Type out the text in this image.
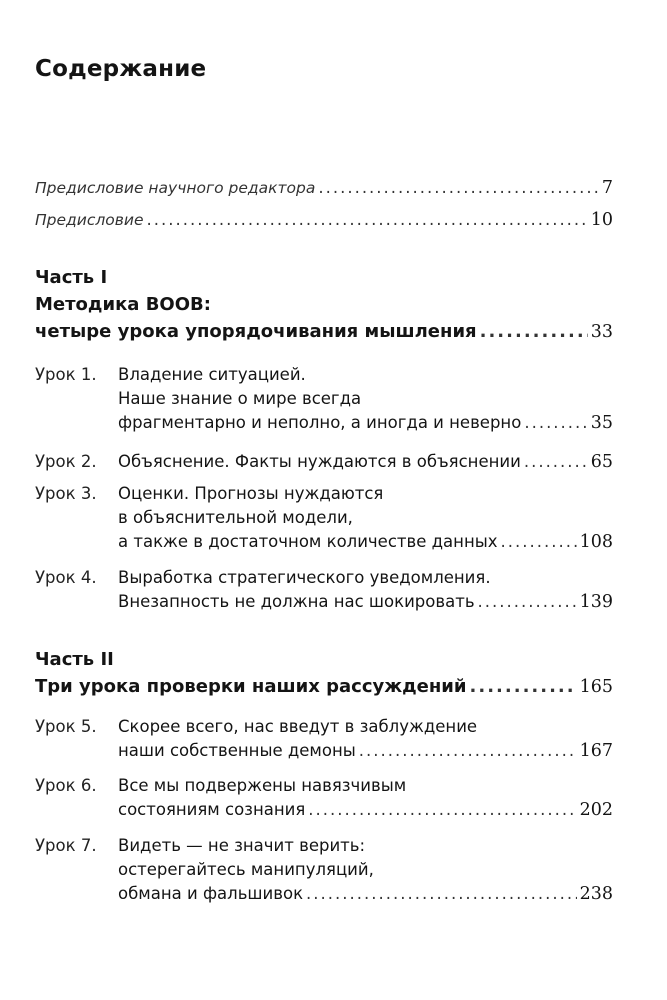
Содержание
Предисловие научного редактора .....	7
Предисловие .....	10
Часть I
Методика BOOB:
четыре урока упорядочивания мышления .....	33
Урок 1. Владение ситуацией.
Наше знание о мире всегда
фрагментарно и неполно, а иногда и неверно .....	35
Урок 2. Объяснение. Факты нуждаются в объяснении .....	65
Урок 3. Оценки. Прогнозы нуждаются
в объяснительной модели,
а также в достаточном количестве данных .....	108
Урок 4. Выработка стратегического уведомления.
Внезапность не должна нас шокировать .....	139
Часть II
Три урока проверки наших рассуждений .....	165
Урок 5. Скорее всего, нас введут в заблуждение
наши собственные демоны .....	167
Урок 6. Все мы подвержены навязчивым
состояниям сознания .....	202
Урок 7. Видеть — не значит верить:
остерегайтесь манипуляций,
обмана и фальшивок .....	238
